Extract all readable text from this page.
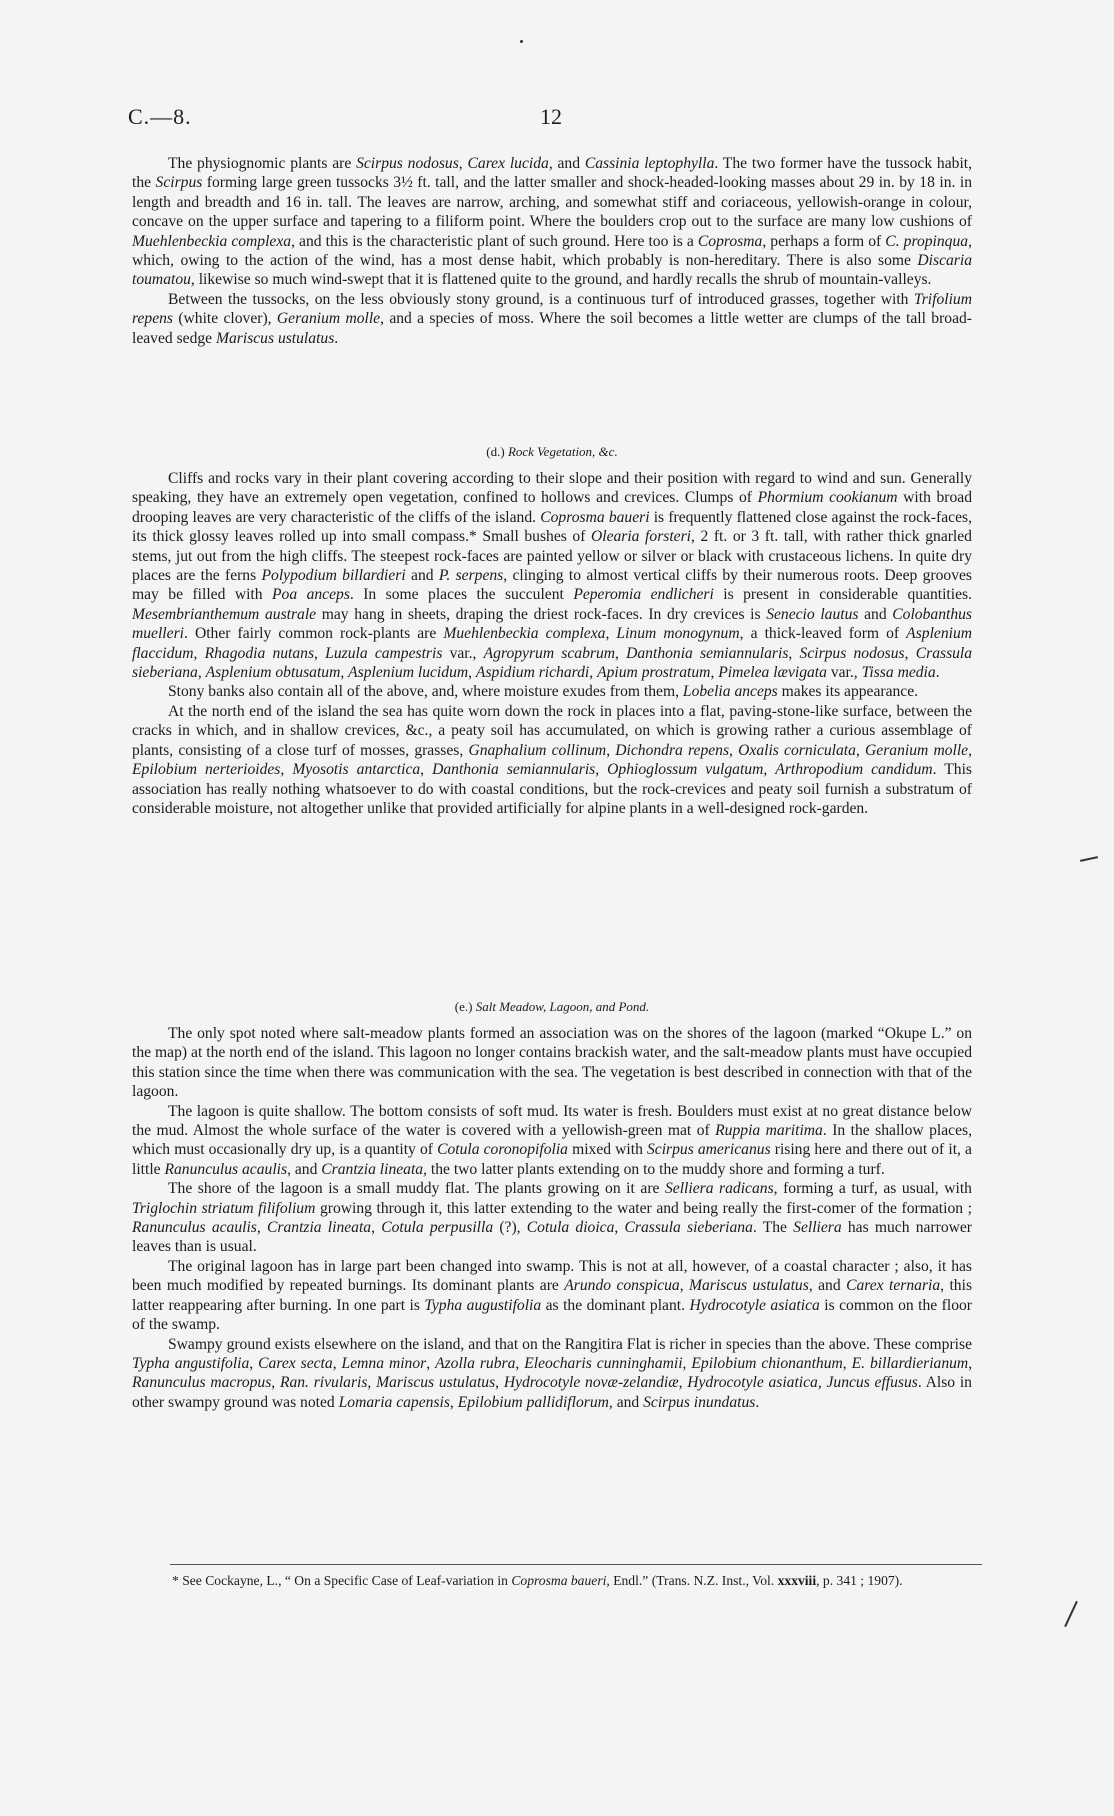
C.—8.	12

The physiognomic plants are Scirpus nodosus, Carex lucida, and Cassinia leptophylla. The two former have the tussock habit, the Scirpus forming large green tussocks 3½ ft. tall, and the latter smaller and shock-headed-looking masses about 29 in. by 18 in. in length and breadth and 16 in. tall. The leaves are narrow, arching, and somewhat stiff and coriaceous, yellowish-orange in colour, concave on the upper surface and tapering to a filiform point. Where the boulders crop out to the surface are many low cushions of Muehlenbeckia complexa, and this is the characteristic plant of such ground. Here too is a Coprosma, perhaps a form of C. propinqua, which, owing to the action of the wind, has a most dense habit, which probably is non-hereditary. There is also some Discaria toumatou, likewise so much wind-swept that it is flattened quite to the ground, and hardly recalls the shrub of mountain-valleys.

Between the tussocks, on the less obviously stony ground, is a continuous turf of introduced grasses, together with Trifolium repens (white clover), Geranium molle, and a species of moss. Where the soil becomes a little wetter are clumps of the tall broad-leaved sedge Mariscus ustulatus.

(d.) Rock Vegetation, &c.

Cliffs and rocks vary in their plant covering according to their slope and their position with regard to wind and sun. Generally speaking, they have an extremely open vegetation, confined to hollows and crevices. Clumps of Phormium cookianum with broad drooping leaves are very characteristic of the cliffs of the island. Coprosma baueri is frequently flattened close against the rock-faces, its thick glossy leaves rolled up into small compass.* Small bushes of Olearia forsteri, 2 ft. or 3 ft. tall, with rather thick gnarled stems, jut out from the high cliffs. The steepest rock-faces are painted yellow or silver or black with crustaceous lichens. In quite dry places are the ferns Polypodium billardieri and P. serpens, clinging to almost vertical cliffs by their numerous roots. Deep grooves may be filled with Poa anceps. In some places the succulent Peperomia endlicheri is present in considerable quantities. Mesembrianthemum australe may hang in sheets, draping the driest rock-faces. In dry crevices is Senecio lautus and Colobanthus muelleri. Other fairly common rock-plants are Muehlenbeckia complexa, Linum monogynum, a thick-leaved form of Asplenium flaccidum, Rhagodia nutans, Luzula campestris var., Agropyrum scabrum, Danthonia semiannularis, Scirpus nodosus, Crassula sieberiana, Asplenium obtusatum, Asplenium lucidum, Aspidium richardi, Apium prostratum, Pimelea lævigata var., Tissa media.

Stony banks also contain all of the above, and, where moisture exudes from them, Lobelia anceps makes its appearance.

At the north end of the island the sea has quite worn down the rock in places into a flat, paving-stone-like surface, between the cracks in which, and in shallow crevices, &c., a peaty soil has accumulated, on which is growing rather a curious assemblage of plants, consisting of a close turf of mosses, grasses, Gnaphalium collinum, Dichondra repens, Oxalis corniculata, Geranium molle, Epilobium nerterioides, Myosotis antarctica, Danthonia semiannularis, Ophioglossum vulgatum, Arthropodium candidum. This association has really nothing whatsoever to do with coastal conditions, but the rock-crevices and peaty soil furnish a substratum of considerable moisture, not altogether unlike that provided artificially for alpine plants in a well-designed rock-garden.

(e.) Salt Meadow, Lagoon, and Pond.

The only spot noted where salt-meadow plants formed an association was on the shores of the lagoon (marked “Okupe L.” on the map) at the north end of the island. This lagoon no longer contains brackish water, and the salt-meadow plants must have occupied this station since the time when there was communication with the sea. The vegetation is best described in connection with that of the lagoon.

The lagoon is quite shallow. The bottom consists of soft mud. Its water is fresh. Boulders must exist at no great distance below the mud. Almost the whole surface of the water is covered with a yellowish-green mat of Ruppia maritima. In the shallow places, which must occasionally dry up, is a quantity of Cotula coronopifolia mixed with Scirpus americanus rising here and there out of it, a little Ranunculus acaulis, and Crantzia lineata, the two latter plants extending on to the muddy shore and forming a turf.

The shore of the lagoon is a small muddy flat. The plants growing on it are Selliera radicans, forming a turf, as usual, with Triglochin striatum filifolium growing through it, this latter extending to the water and being really the first-comer of the formation ; Ranunculus acaulis, Crantzia lineata, Cotula perpusilla (?), Cotula dioica, Crassula sieberiana. The Selliera has much narrower leaves than is usual.

The original lagoon has in large part been changed into swamp. This is not at all, however, of a coastal character ; also, it has been much modified by repeated burnings. Its dominant plants are Arundo conspicua, Mariscus ustulatus, and Carex ternaria, this latter reappearing after burning. In one part is Typha augustifolia as the dominant plant. Hydrocotyle asiatica is common on the floor of the swamp.

Swampy ground exists elsewhere on the island, and that on the Rangitira Flat is richer in species than the above. These comprise Typha angustifolia, Carex secta, Lemna minor, Azolla rubra, Eleocharis cunninghamii, Epilobium chionanthum, E. billardierianum, Ranunculus macropus, Ran. rivularis, Mariscus ustulatus, Hydrocotyle novæ-zelandiæ, Hydrocotyle asiatica, Juncus effusus. Also in other swampy ground was noted Lomaria capensis, Epilobium pallidiflorum, and Scirpus inundatus.

* See Cockayne, L., “ On a Specific Case of Leaf-variation in Coprosma baueri, Endl.” (Trans. N.Z. Inst., Vol. xxxviii, p. 341 ; 1907).
